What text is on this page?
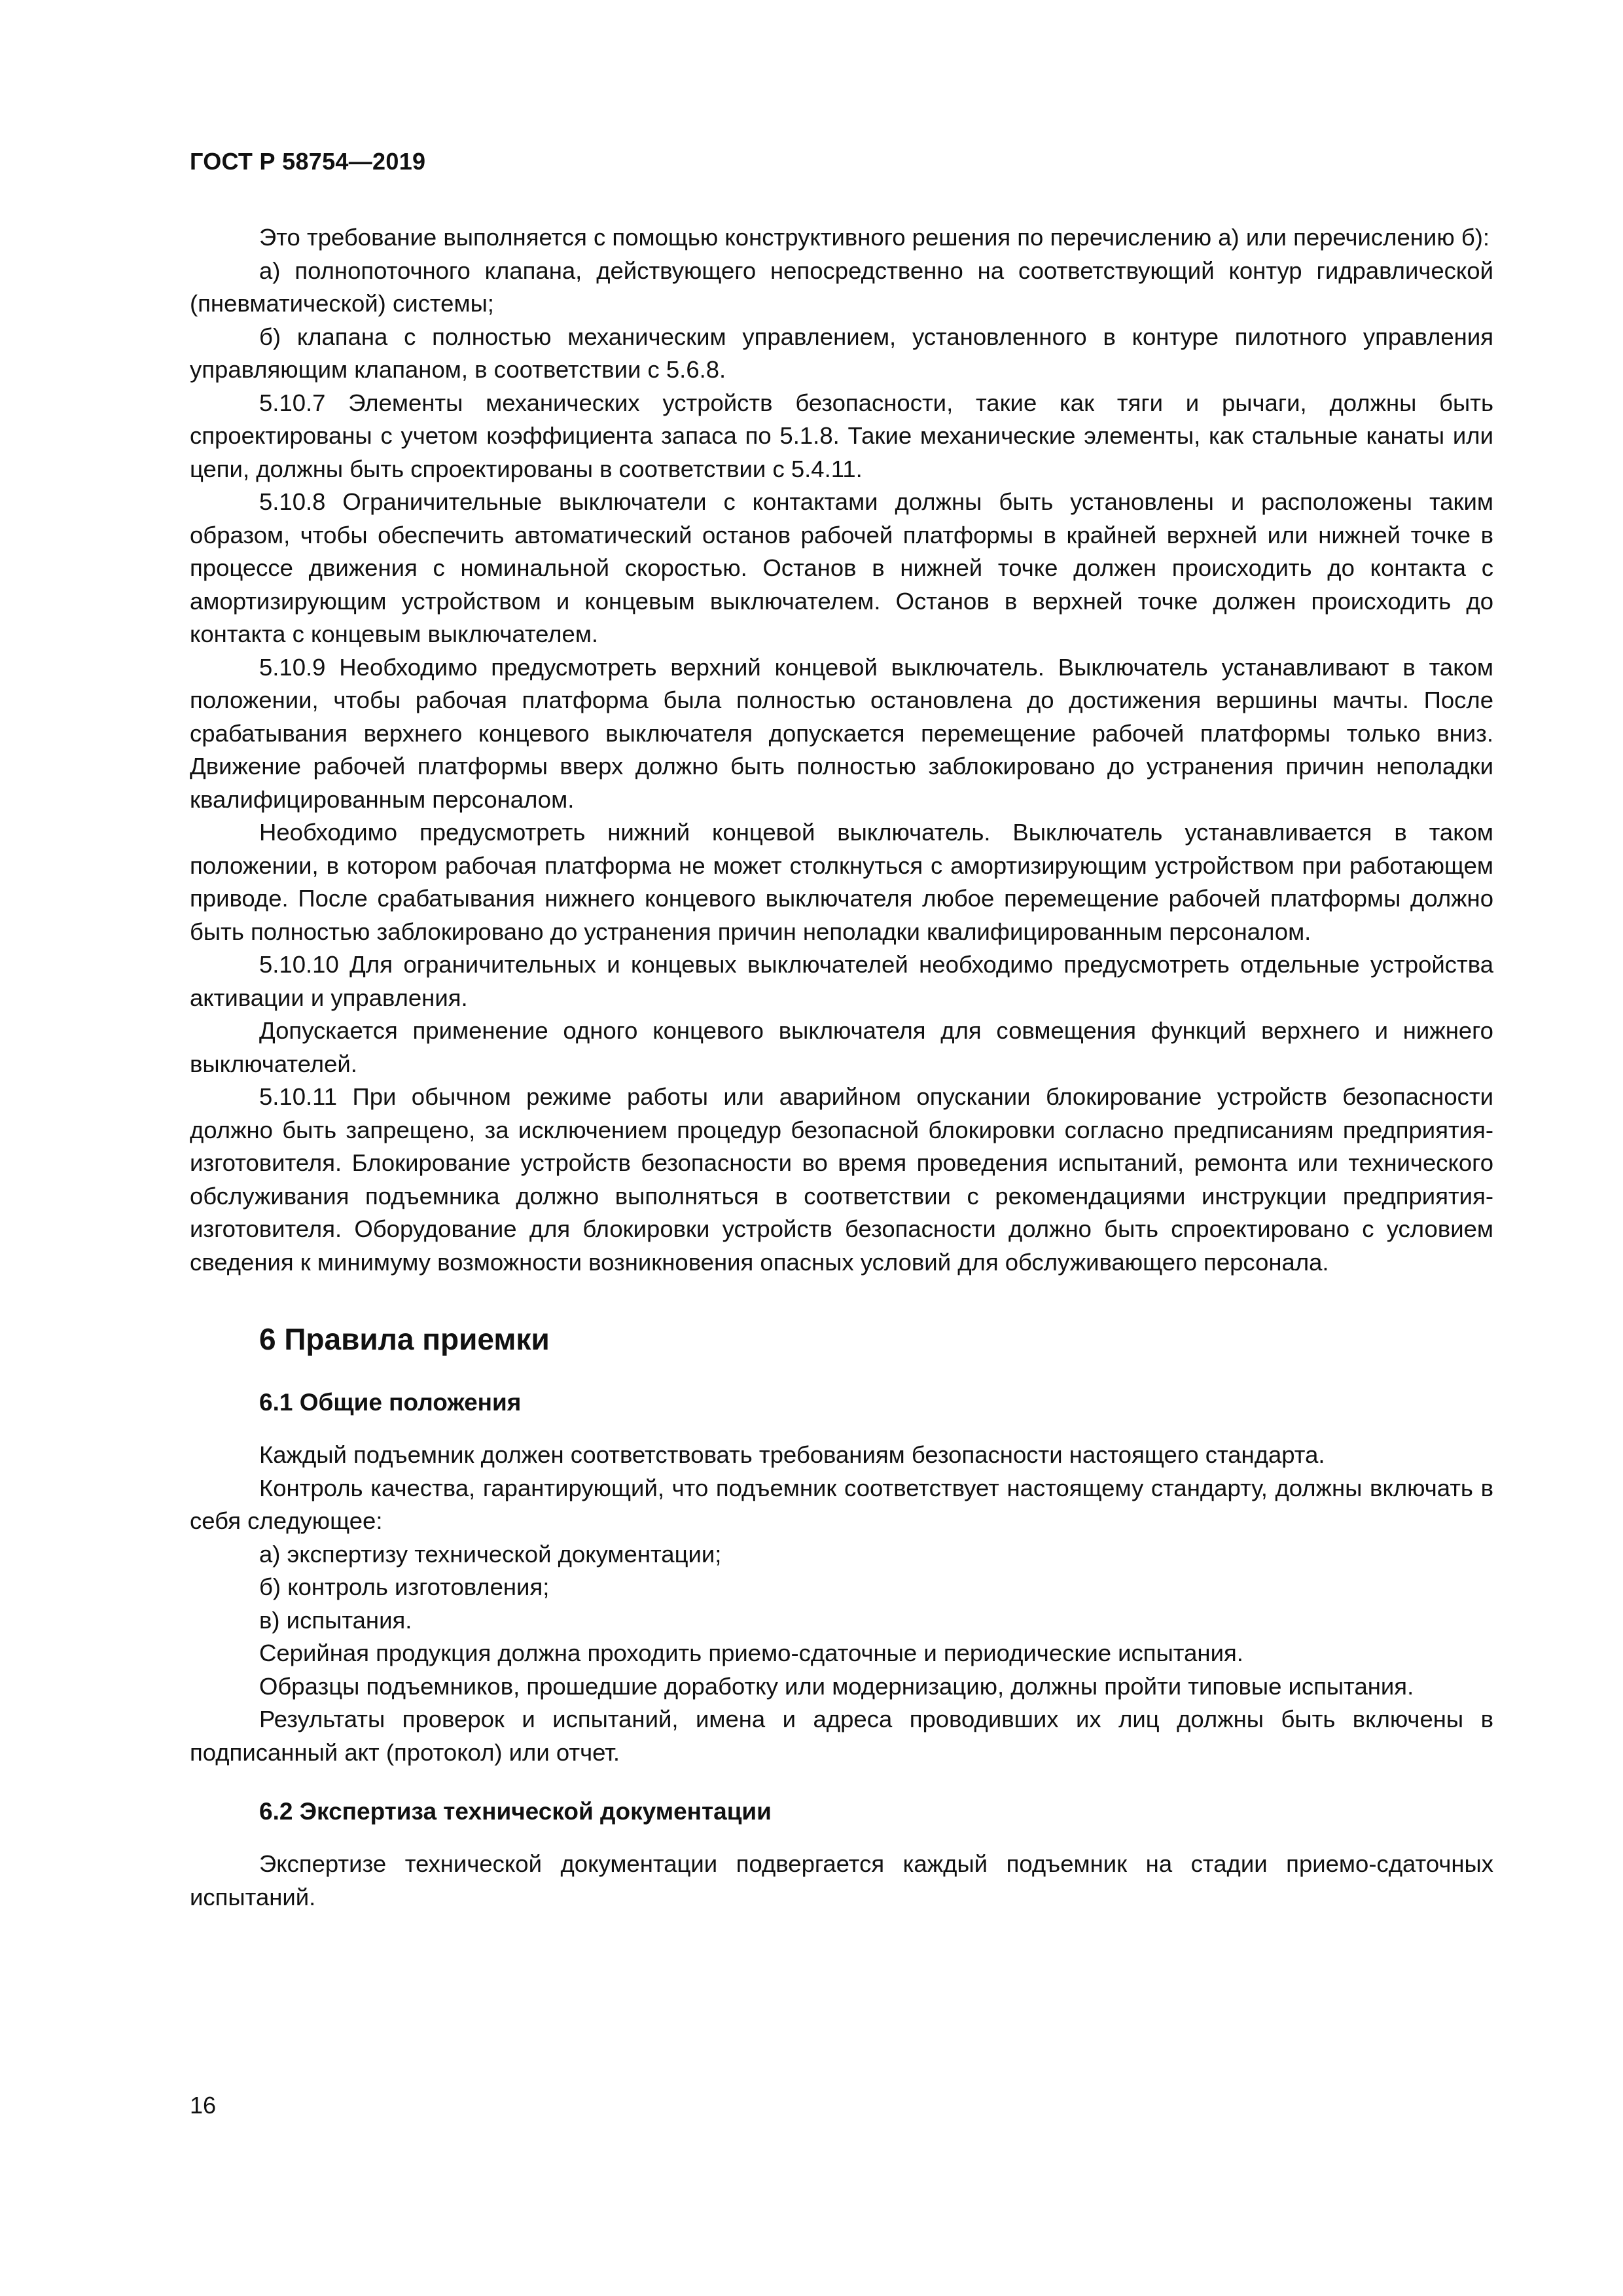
ГОСТ Р 58754—2019

Это требование выполняется с помощью конструктивного решения по перечислению а) или перечислению б):

а) полнопоточного клапана, действующего непосредственно на соответствующий контур гидравлической (пневматической) системы;

б) клапана с полностью механическим управлением, установленного в контуре пилотного управления управляющим клапаном, в соответствии с 5.6.8.

5.10.7 Элементы механических устройств безопасности, такие как тяги и рычаги, должны быть спроектированы с учетом коэффициента запаса по 5.1.8. Такие механические элементы, как стальные канаты или цепи, должны быть спроектированы в соответствии с 5.4.11.

5.10.8 Ограничительные выключатели с контактами должны быть установлены и расположены таким образом, чтобы обеспечить автоматический останов рабочей платформы в крайней верхней или нижней точке в процессе движения с номинальной скоростью. Останов в нижней точке должен происходить до контакта с амортизирующим устройством и концевым выключателем. Останов в верхней точке должен происходить до контакта с концевым выключателем.

5.10.9 Необходимо предусмотреть верхний концевой выключатель. Выключатель устанавливают в таком положении, чтобы рабочая платформа была полностью остановлена до достижения вершины мачты. После срабатывания верхнего концевого выключателя допускается перемещение рабочей платформы только вниз. Движение рабочей платформы вверх должно быть полностью заблокировано до устранения причин неполадки квалифицированным персоналом.

Необходимо предусмотреть нижний концевой выключатель. Выключатель устанавливается в таком положении, в котором рабочая платформа не может столкнуться с амортизирующим устройством при работающем приводе. После срабатывания нижнего концевого выключателя любое перемещение рабочей платформы должно быть полностью заблокировано до устранения причин неполадки квалифицированным персоналом.

5.10.10 Для ограничительных и концевых выключателей необходимо предусмотреть отдельные устройства активации и управления.

Допускается применение одного концевого выключателя для совмещения функций верхнего и нижнего выключателей.

5.10.11 При обычном режиме работы или аварийном опускании блокирование устройств безопасности должно быть запрещено, за исключением процедур безопасной блокировки согласно предписаниям предприятия-изготовителя. Блокирование устройств безопасности во время проведения испытаний, ремонта или технического обслуживания подъемника должно выполняться в соответствии с рекомендациями инструкции предприятия-изготовителя. Оборудование для блокировки устройств безопасности должно быть спроектировано с условием сведения к минимуму возможности возникновения опасных условий для обслуживающего персонала.

6 Правила приемки
6.1 Общие положения

Каждый подъемник должен соответствовать требованиям безопасности настоящего стандарта.

Контроль качества, гарантирующий, что подъемник соответствует настоящему стандарту, должны включать в себя следующее:

а) экспертизу технической документации;

б) контроль изготовления;

в) испытания.

Серийная продукция должна проходить приемо-сдаточные и периодические испытания.

Образцы подъемников, прошедшие доработку или модернизацию, должны пройти типовые испытания.

Результаты проверок и испытаний, имена и адреса проводивших их лиц должны быть включены в подписанный акт (протокол) или отчет.

6.2 Экспертиза технической документации

Экспертизе технической документации подвергается каждый подъемник на стадии приемо-сдаточных испытаний.

16
